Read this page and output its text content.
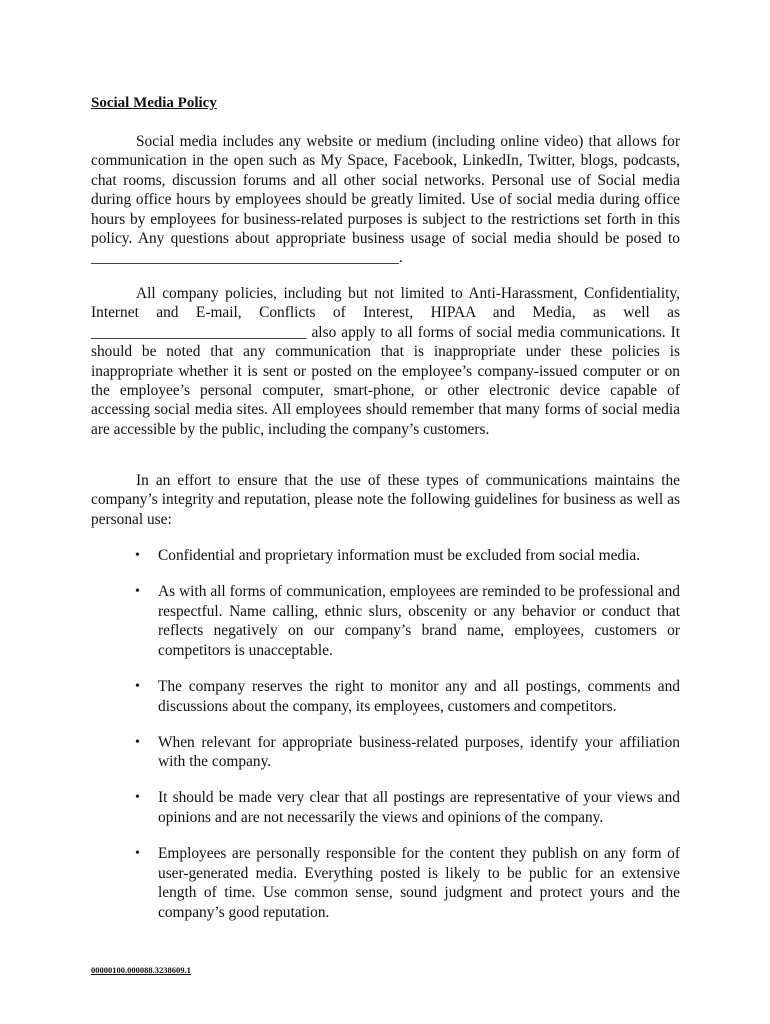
Social Media Policy

Social media includes any website or medium (including online video) that allows for communication in the open such as My Space, Facebook, LinkedIn, Twitter, blogs, podcasts, chat rooms, discussion forums and all other social networks. Personal use of Social media during office hours by employees should be greatly limited. Use of social media during office hours by employees for business-related purposes is subject to the restrictions set forth in this policy. Any questions about appropriate business usage of social media should be posed to ________________________________________.

All company policies, including but not limited to Anti-Harassment, Confidentiality, Internet and E-mail, Conflicts of Interest, HIPAA and Media, as well as ____________________________ also apply to all forms of social media communications. It should be noted that any communication that is inappropriate under these policies is inappropriate whether it is sent or posted on the employee’s company-issued computer or on the employee’s personal computer, smart-phone, or other electronic device capable of accessing social media sites. All employees should remember that many forms of social media are accessible by the public, including the company’s customers.

In an effort to ensure that the use of these types of communications maintains the company’s integrity and reputation, please note the following guidelines for business as well as personal use:

• Confidential and proprietary information must be excluded from social media.
• As with all forms of communication, employees are reminded to be professional and respectful. Name calling, ethnic slurs, obscenity or any behavior or conduct that reflects negatively on our company’s brand name, employees, customers or competitors is unacceptable.
• The company reserves the right to monitor any and all postings, comments and discussions about the company, its employees, customers and competitors.
• When relevant for appropriate business-related purposes, identify your affiliation with the company.
• It should be made very clear that all postings are representative of your views and opinions and are not necessarily the views and opinions of the company.
• Employees are personally responsible for the content they publish on any form of user-generated media. Everything posted is likely to be public for an extensive length of time. Use common sense, sound judgment and protect yours and the company’s good reputation.
00000100.000088.3238609.1
